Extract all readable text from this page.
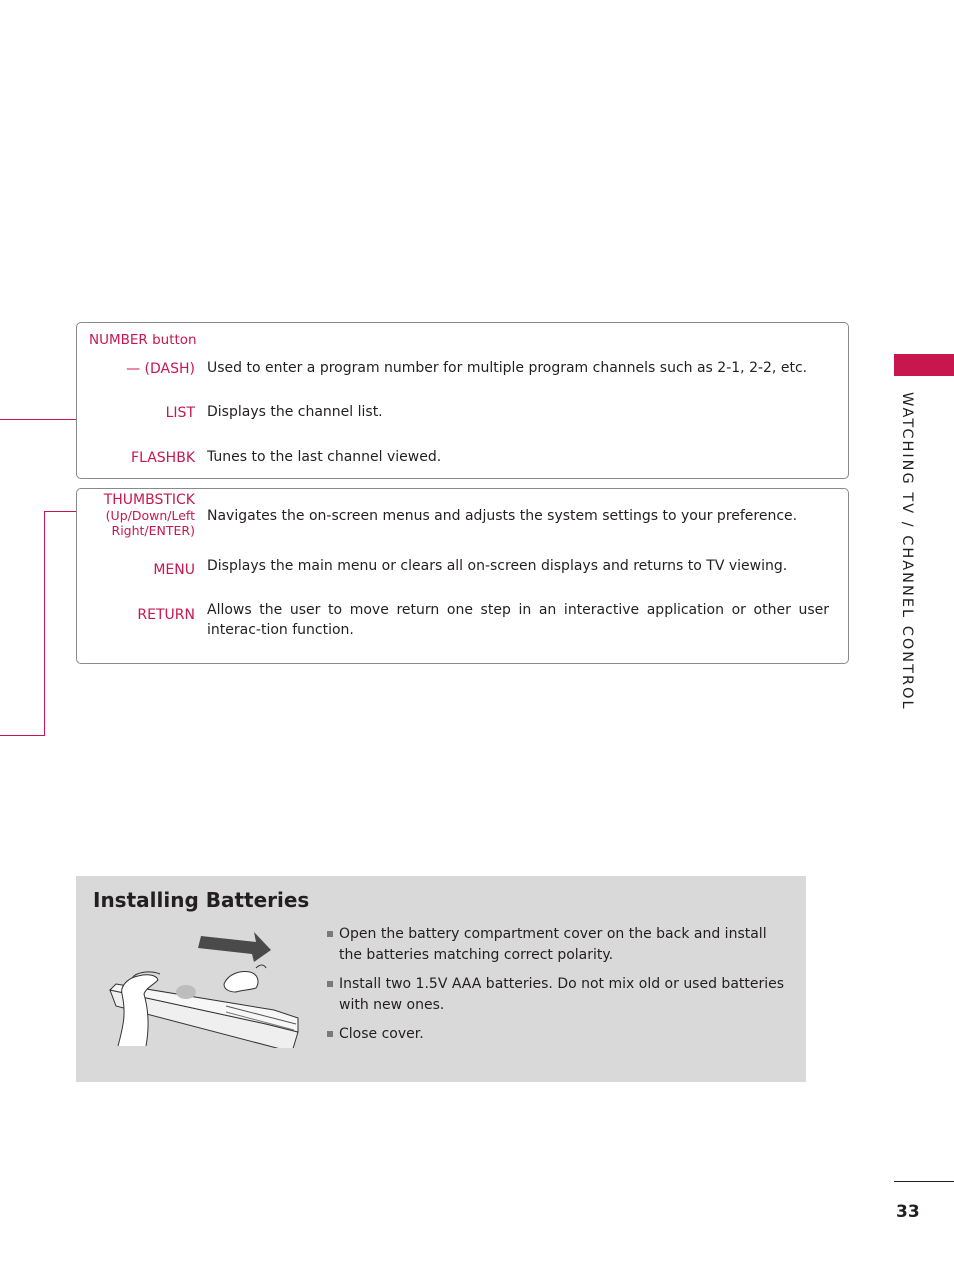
NUMBER button
— (DASH) Used to enter a program number for multiple program channels such as 2-1, 2-2, etc.
LIST Displays the channel list.
FLASHBK Tunes to the last channel viewed.
THUMBSTICK
(Up/Down/Left
Right/ENTER)
Navigates the on-screen menus and adjusts the system settings to your preference.
MENU Displays the main menu or clears all on-screen displays and returns to TV viewing.
RETURN Allows the user to move return one step in an interactive application or other user interac-tion function.	WATCHING TV / CHANNEL CONTROL
Installing Batteries
Open the battery compartment cover on the back and install the batteries matching correct polarity.
Install two 1.5V AAA batteries. Do not mix old or used batteries with new ones.
Close cover.
33
